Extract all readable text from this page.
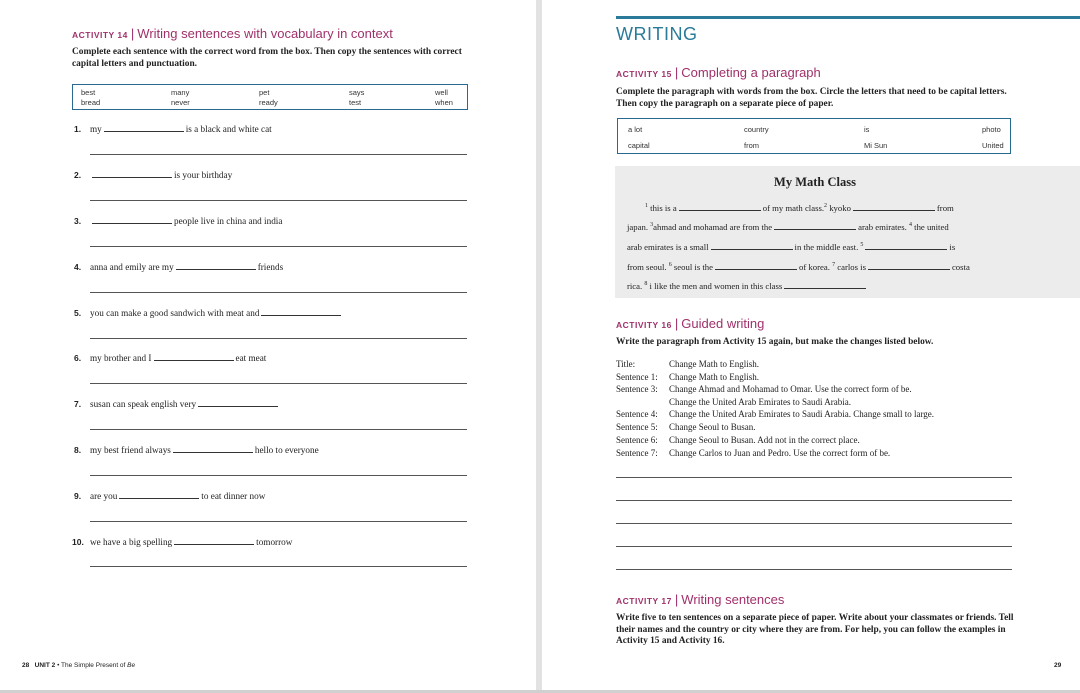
ACTIVITY 14 | Writing sentences with vocabulary in context
Complete each sentence with the correct word from the box. Then copy the sentences with correct capital letters and punctuation.
best	many	pet	says	well
bread	never	ready	test	when
1. my	is a black and white cat
2.	is your birthday
3.	people live in china and india
4. anna and emily are my	friends
5. you can make a good sandwich with meat and
6. my brother and I	eat meat
7. susan can speak english very
8. my best friend always	hello to everyone
9. are you	to eat dinner now
10. we have a big spelling	tomorrow
28 UNIT 2 • The Simple Present of Be
WRITING
ACTIVITY 15 | Completing a paragraph
Complete the paragraph with words from the box. Circle the letters that need to be capital letters. Then copy the paragraph on a separate piece of paper.
a lot	country	is	photo
capital	from	Mi Sun	United
My Math Class
$^1$ this is a	of my math class.$^2$ kyoko	from
japan. $^3$ahmad and mohamad are from the	arab emirates. $^4$ the united
arab emirates is a small	in the middle east. $^5$	is
from seoul. $^6$ seoul is the	of korea. $^7$ carlos is	costa
rica. $^8$ i like the men and women in this class
ACTIVITY 16 | Guided writing
Write the paragraph from Activity 15 again, but make the changes listed below.
Title:	Change Math to English.
Sentence 1: Change Math to English.
Sentence 3: Change Ahmad and Mohamad to Omar. Use the correct form of be.
Change the United Arab Emirates to Saudi Arabia.
Sentence 4: Change the United Arab Emirates to Saudi Arabia. Change small to large.
Sentence 5: Change Seoul to Busan.
Sentence 6: Change Seoul to Busan. Add not in the correct place.
Sentence 7: Change Carlos to Juan and Pedro. Use the correct form of be.
ACTIVITY 17 | Writing sentences
Write five to ten sentences on a separate piece of paper. Write about your classmates or friends. Tell their names and the country or city where they are from. For help, you can follow the examples in Activity 15 and Activity 16.
29
